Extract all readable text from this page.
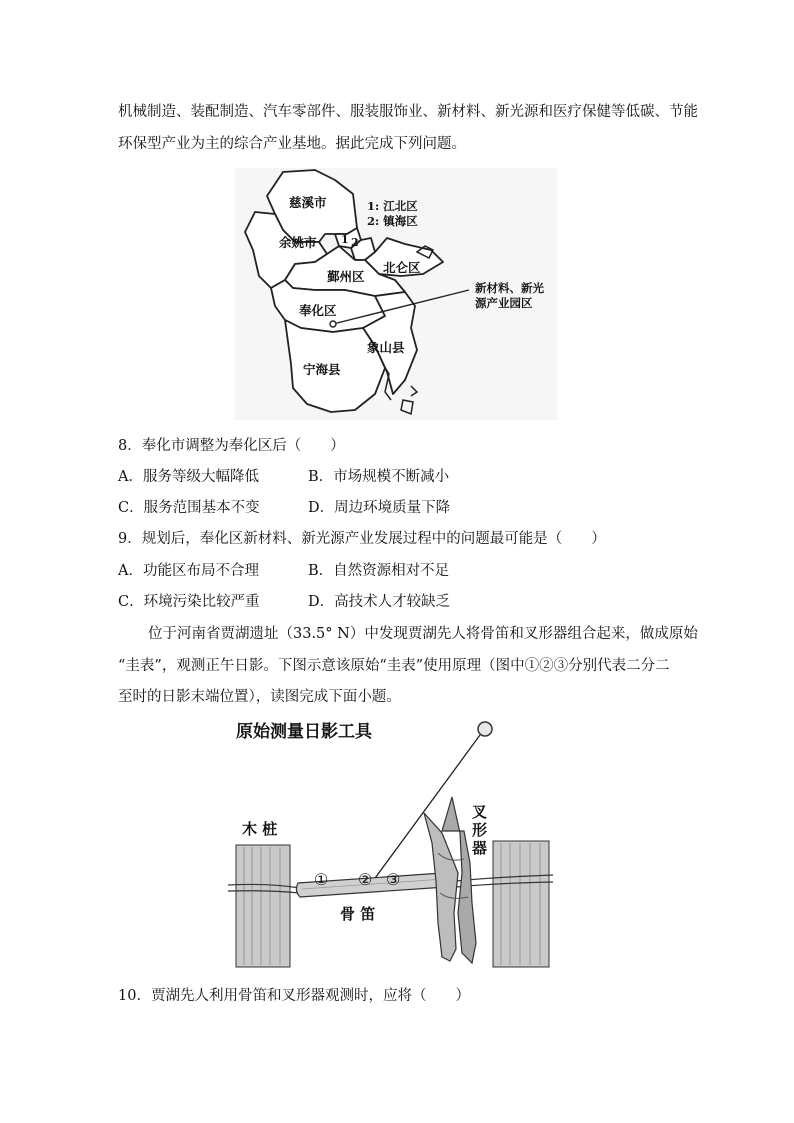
机械制造、装配制造、汽车零部件、服装服饰业、新材料、新光源和医疗保健等低碳、节能
环保型产业为主的综合产业基地。据此完成下列问题。
慈溪市	1: 江北区
2: 镇海区
1 2
余姚市
北仑区
鄞州区
奉化区
象山县
宁海县
新材料、新光
源产业园区
8．奉化市调整为奉化区后（　　）
A．服务等级大幅降低	B．市场规模不断减小
C．服务范围基本不变	D．周边环境质量下降
9．规划后，奉化区新材料、新光源产业发展过程中的问题最可能是（　　）
A．功能区布局不合理	B．自然资源相对不足
C．环境污染比较严重	D．高技术人才较缺乏
位于河南省贾湖遗址（33.5° N）中发现贾湖先人将骨笛和叉形器组合起来，做成原始
“圭表”，观测正午日影。下图示意该原始“圭表”使用原理（图中①②③分别代表二分二
至时的日影末端位置），读图完成下面小题。
原始测量日影工具
木 桩
骨 笛
① ② ③
叉
形
器
10．贾湖先人利用骨笛和叉形器观测时，应将（　　）
